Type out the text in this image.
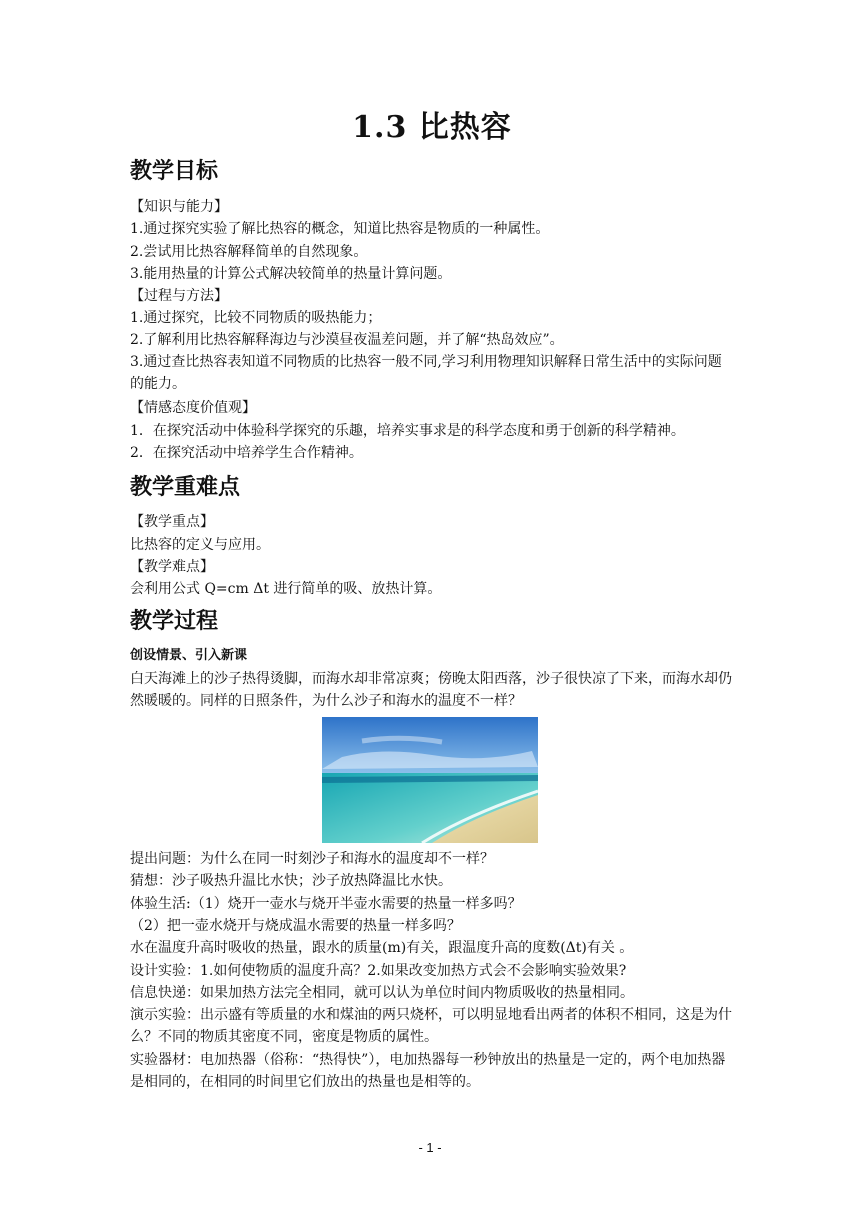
1.3 比热容
教学目标
【知识与能力】
1.通过探究实验了解比热容的概念，知道比热容是物质的一种属性。
2.尝试用比热容解释简单的自然现象。
3.能用热量的计算公式解决较简单的热量计算问题。
【过程与方法】
1.通过探究，比较不同物质的吸热能力；
2.了解利用比热容解释海边与沙漠昼夜温差问题，并了解“热岛效应”。
3.通过查比热容表知道不同物质的比热容一般不同,学习利用物理知识解释日常生活中的实际问题的能力。
【情感态度价值观】
1．在探究活动中体验科学探究的乐趣，培养实事求是的科学态度和勇于创新的科学精神。
2．在探究活动中培养学生合作精神。
教学重难点
【教学重点】
比热容的定义与应用。
【教学难点】
会利用公式 Q=cm Δt 进行简单的吸、放热计算。
教学过程
创设情景、引入新课
白天海滩上的沙子热得烫脚，而海水却非常凉爽；傍晚太阳西落，沙子很快凉了下来，而海水却仍然暖暖的。同样的日照条件，为什么沙子和海水的温度不一样？
提出问题：为什么在同一时刻沙子和海水的温度却不一样？
猜想：沙子吸热升温比水快；沙子放热降温比水快。
体验生活:（1）烧开一壶水与烧开半壶水需要的热量一样多吗？
（2）把一壶水烧开与烧成温水需要的热量一样多吗？
水在温度升高时吸收的热量，跟水的质量(m)有关，跟温度升高的度数(Δt)有关 。
设计实验：1.如何使物质的温度升高？2.如果改变加热方式会不会影响实验效果?
信息快递：如果加热方法完全相同，就可以认为单位时间内物质吸收的热量相同。
演示实验：出示盛有等质量的水和煤油的两只烧杯，可以明显地看出两者的体积不相同，这是为什么？不同的物质其密度不同，密度是物质的属性。
实验器材：电加热器（俗称：“热得快”），电加热器每一秒钟放出的热量是一定的，两个电加热器是相同的，在相同的时间里它们放出的热量也是相等的。
- 1 -
